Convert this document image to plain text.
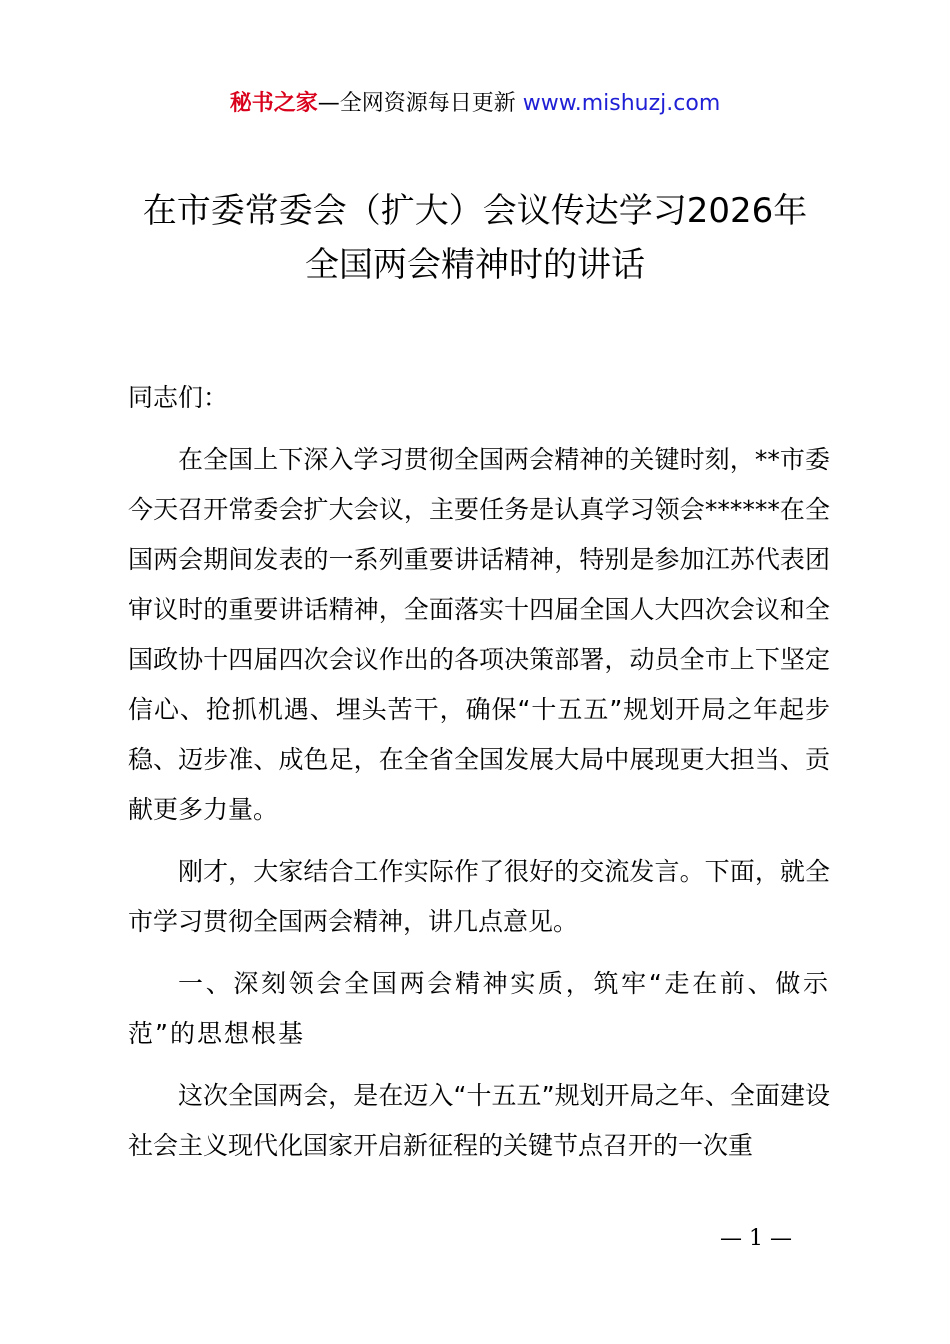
秘书之家—全网资源每日更新 www.mishuzj.com
在市委常委会（扩大）会议传达学习2026年
全国两会精神时的讲话

同志们：

在全国上下深入学习贯彻全国两会精神的关键时刻，**市委今天召开常委会扩大会议，主要任务是认真学习领会******在全国两会期间发表的一系列重要讲话精神，特别是参加江苏代表团审议时的重要讲话精神，全面落实十四届全国人大四次会议和全国政协十四届四次会议作出的各项决策部署，动员全市上下坚定信心、抢抓机遇、埋头苦干，确保“十五五”规划开局之年起步稳、迈步准、成色足，在全省全国发展大局中展现更大担当、贡献更多力量。

刚才，大家结合工作实际作了很好的交流发言。下面，就全市学习贯彻全国两会精神，讲几点意见。

一、深刻领会全国两会精神实质，筑牢“走在前、做示范”的思想根基

这次全国两会，是在迈入“十五五”规划开局之年、全面建设社会主义现代化国家开启新征程的关键节点召开的一次重

— 1 —
